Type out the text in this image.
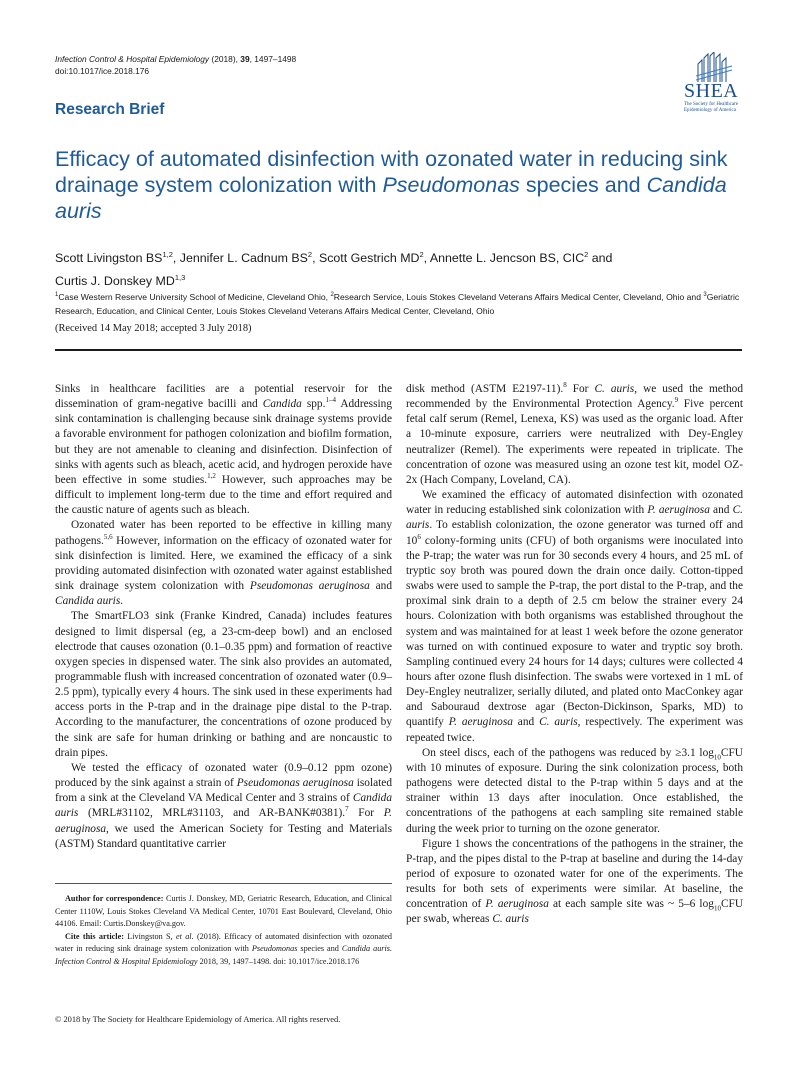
Infection Control & Hospital Epidemiology (2018), 39, 1497–1498
doi:10.1017/ice.2018.176
SHEA
The Society for Healthcare Epidemiology of America
Research Brief
Efficacy of automated disinfection with ozonated water in reducing sink drainage system colonization with Pseudomonas species and Candida auris
Scott Livingston BS$^{1,2}$, Jennifer L. Cadnum $BS^2$, Scott Gestrich $MD^2$, Annette L. Jencson BS, CIC$^2$ and
Curtis J. Donskey MD$^{1,3}$
$^1$Case Western Reserve University School of Medicine, Cleveland Ohio, $^2$Research Service, Louis Stokes Cleveland Veterans Affairs Medical Center, Cleveland, Ohio and $^3$Geriatric Research, Education, and Clinical Center, Louis Stokes Cleveland Veterans Affairs Medical Center, Cleveland, Ohio
(Received 14 May 2018; accepted 3 July 2018)

Sinks in healthcare facilities are a potential reservoir for the dissemination of gram-negative bacilli and Candida spp.$^{1-4}$ Addressing sink contamination is challenging because sink drainage systems provide a favorable environment for pathogen colonization and biofilm formation, but they are not amenable to cleaning and disinfection. Disinfection of sinks with agents such as bleach, acetic acid, and hydrogen peroxide have been effective in some studies.$^{1,2}$ However, such approaches may be difficult to implement long-term due to the time and effort required and the caustic nature of agents such as bleach.

Ozonated water has been reported to be effective in killing many pathogens.$^{5,6}$ However, information on the efficacy of ozonated water for sink disinfection is limited. Here, we examined the efficacy of a sink providing automated disinfection with ozonated water against established sink drainage system colonization with Pseudomonas aeruginosa and Candida auris.

The SmartFLO3 sink (Franke Kindred, Canada) includes features designed to limit dispersal (eg, a 23-cm-deep bowl) and an enclosed electrode that causes ozonation (0.1–0.35 ppm) and formation of reactive oxygen species in dispensed water. The sink also provides an automated, programmable flush with increased concentration of ozonated water (0.9–2.5 ppm), typically every 4 hours. The sink used in these experiments had access ports in the P-trap and in the drainage pipe distal to the P-trap. According to the manufacturer, the concentrations of ozone produced by the sink are safe for human drinking or bathing and are noncaustic to drain pipes.

We tested the efficacy of ozonated water (0.9–0.12 ppm ozone) produced by the sink against a strain of Pseudomonas aeruginosa isolated from a sink at the Cleveland VA Medical Center and 3 strains of Candida auris (MRL#31102, MRL#31103, and AR-BANK#0381).$^7$ For P. aeruginosa, we used the American Society for Testing and Materials (ASTM) Standard quantitative carrier

disk method (ASTM E2197-11).$^8$ For C. auris, we used the method recommended by the Environmental Protection Agency.$^9$ Five percent fetal calf serum (Remel, Lenexa, KS) was used as the organic load. After a 10-minute exposure, carriers were neutralized with Dey-Engley neutralizer (Remel). The experiments were repeated in triplicate. The concentration of ozone was measured using an ozone test kit, model OZ-2x (Hach Company, Loveland, CA).

We examined the efficacy of automated disinfection with ozonated water in reducing established sink colonization with P. aeruginosa and C. auris. To establish colonization, the ozone generator was turned off and $10^6$ colony-forming units (CFU) of both organisms were inoculated into the P-trap; the water was run for 30 seconds every 4 hours, and 25 mL of tryptic soy broth was poured down the drain once daily. Cotton-tipped swabs were used to sample the P-trap, the port distal to the P-trap, and the proximal sink drain to a depth of 2.5 cm below the strainer every 24 hours. Colonization with both organisms was established throughout the system and was maintained for at least 1 week before the ozone generator was turned on with continued exposure to water and tryptic soy broth. Sampling continued every 24 hours for 14 days; cultures were collected 4 hours after ozone flush disinfection. The swabs were vortexed in 1 mL of Dey-Engley neutralizer, serially diluted, and plated onto MacConkey agar and Sabouraud dextrose agar (Becton-Dickinson, Sparks, MD) to quantify P. aeruginosa and C. auris, respectively. The experiment was repeated twice.

On steel discs, each of the pathogens was reduced by ≥3.1 $\log_{10}CFU$ with 10 minutes of exposure. During the sink colonization process, both pathogens were detected distal to the P-trap within 5 days and at the strainer within 13 days after inoculation. Once established, the concentrations of the pathogens at each sampling site remained stable during the week prior to turning on the ozone generator.

Figure 1 shows the concentrations of the pathogens in the strainer, the P-trap, and the pipes distal to the P-trap at baseline and during the 14-day period of exposure to ozonated water for one of the experiments. The results for both sets of experiments were similar. At baseline, the concentration of P. aeruginosa at each sample site was ~ 5–6 $\log_{10}CFU$ per swab, whereas C. auris

Author for correspondence: Curtis J. Donskey, MD, Geriatric Research, Education, and Clinical Center 1110W, Louis Stokes Cleveland VA Medical Center, 10701 East Boulevard, Cleveland, Ohio 44106. Email: Curtis.Donskey@va.gov.

Cite this article: Livingston S, et al. (2018). Efficacy of automated disinfection with ozonated water in reducing sink drainage system colonization with Pseudomonas species and Candida auris. Infection Control & Hospital Epidemiology 2018, 39, 1497–1498. doi: 10.1017/ice.2018.176

© 2018 by The Society for Healthcare Epidemiology of America. All rights reserved.
